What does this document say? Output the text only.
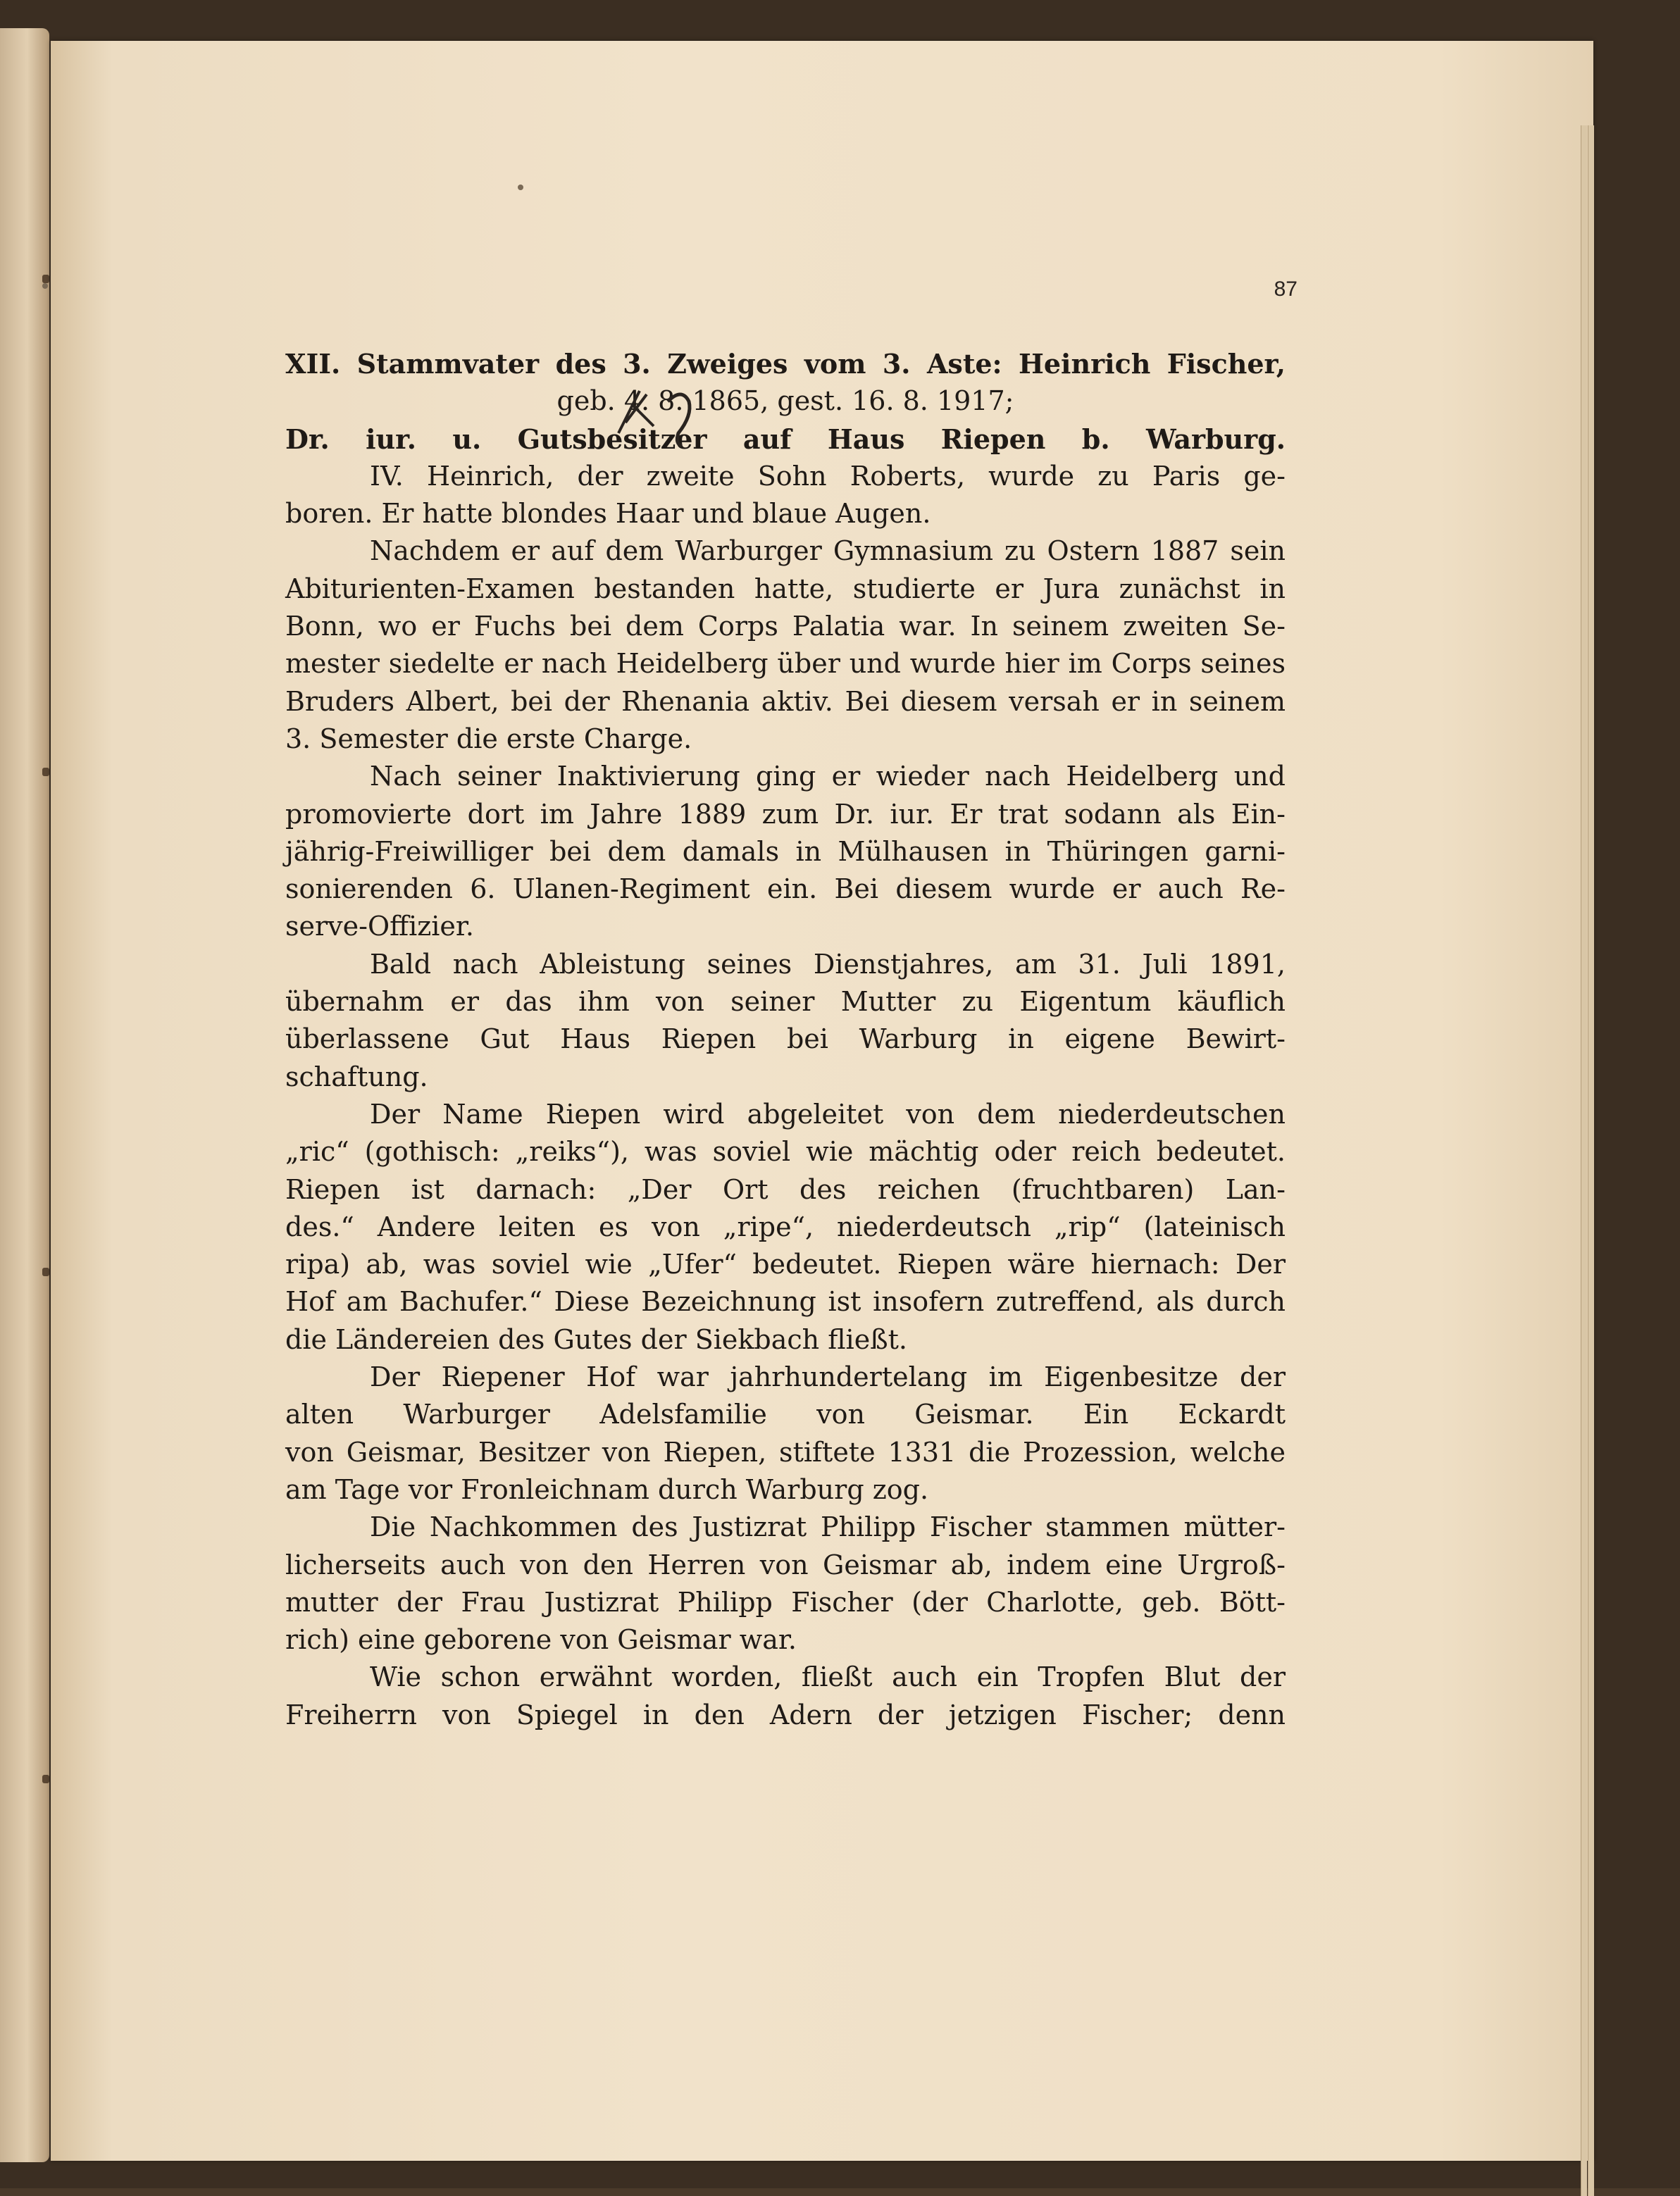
87
XII. Stammvater des 3. Zweiges vom 3. Aste: Heinrich Fischer,
geb. 4. 8. 1865, gest. 16. 8. 1917;
Dr. iur. u. Gutsbesitzer auf Haus Riepen b. Warburg.
IV. Heinrich, der zweite Sohn Roberts, wurde zu Paris ge-
boren. Er hatte blondes Haar und blaue Augen.
Nachdem er auf dem Warburger Gymnasium zu Ostern 1887 sein
Abiturienten-Examen bestanden hatte, studierte er Jura zunächst in
Bonn, wo er Fuchs bei dem Corps Palatia war. In seinem zweiten Se-
mester siedelte er nach Heidelberg über und wurde hier im Corps seines
Bruders Albert, bei der Rhenania aktiv. Bei diesem versah er in seinem
3. Semester die erste Charge.
Nach seiner Inaktivierung ging er wieder nach Heidelberg und
promovierte dort im Jahre 1889 zum Dr. iur. Er trat sodann als Ein-
jährig-Freiwilliger bei dem damals in Mülhausen in Thüringen garni-
sonierenden 6. Ulanen-Regiment ein. Bei diesem wurde er auch Re-
serve-Offizier.
Bald nach Ableistung seines Dienstjahres, am 31. Juli 1891,
übernahm er das ihm von seiner Mutter zu Eigentum käuflich
überlassene Gut Haus Riepen bei Warburg in eigene Bewirt-
schaftung.
Der Name Riepen wird abgeleitet von dem niederdeutschen
„ric“ (gothisch: „reiks“), was soviel wie mächtig oder reich bedeutet.
Riepen ist darnach: „Der Ort des reichen (fruchtbaren) Lan-
des.“ Andere leiten es von „ripe“, niederdeutsch „rip“ (lateinisch
ripa) ab, was soviel wie „Ufer“ bedeutet. Riepen wäre hiernach: Der
Hof am Bachufer.“ Diese Bezeichnung ist insofern zutreffend, als durch
die Ländereien des Gutes der Siekbach fließt.
Der Riepener Hof war jahrhundertelang im Eigenbesitze der
alten Warburger Adelsfamilie von Geismar. Ein Eckardt
von Geismar, Besitzer von Riepen, stiftete 1331 die Prozession, welche
am Tage vor Fronleichnam durch Warburg zog.
Die Nachkommen des Justizrat Philipp Fischer stammen mütter-
licherseits auch von den Herren von Geismar ab, indem eine Urgroß-
mutter der Frau Justizrat Philipp Fischer (der Charlotte, geb. Bött-
rich) eine geborene von Geismar war.
Wie schon erwähnt worden, fließt auch ein Tropfen Blut der
Freiherrn von Spiegel in den Adern der jetzigen Fischer; denn
